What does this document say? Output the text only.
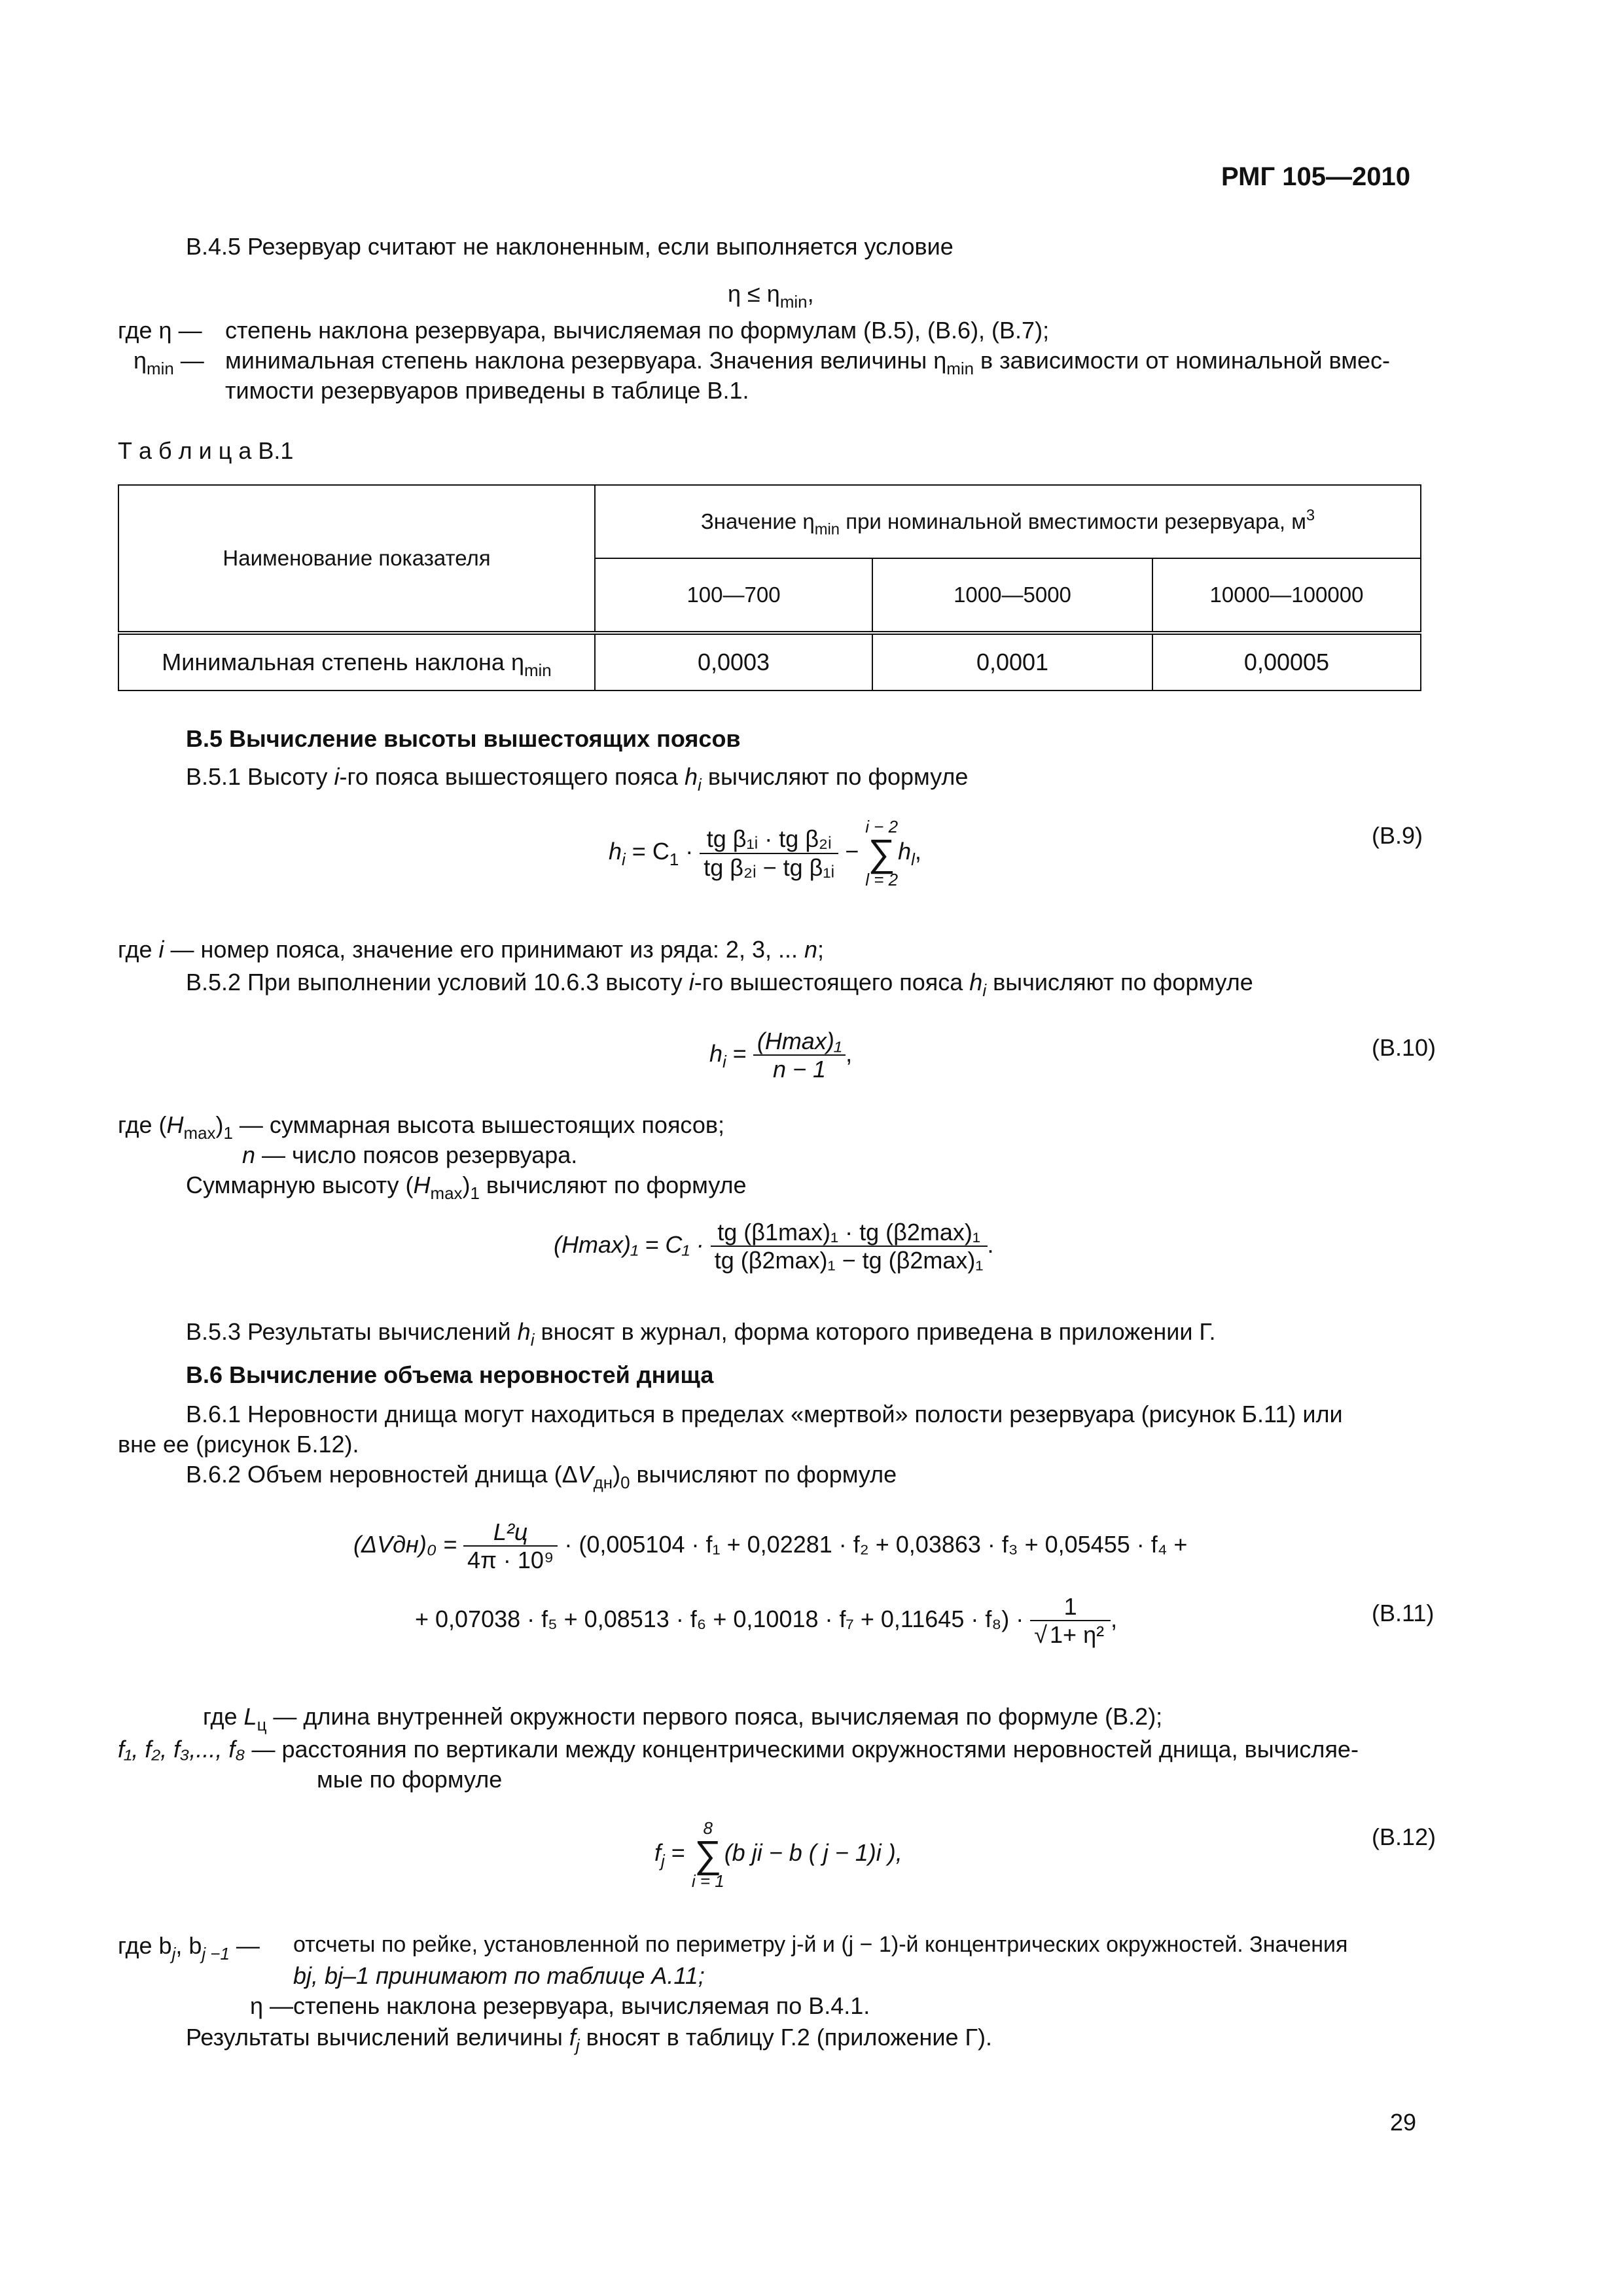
РМГ 105—2010
В.4.5 Резервуар считают не наклоненным, если выполняется условие
$\eta \le \eta_{min}$,
где η — степень наклона резервуара, вычисляемая по формулам (В.5), (В.6), (В.7);
$\eta_{min}$ — минимальная степень наклона резервуара. Значения величины $\eta_{min}$ в зависимости от номинальной вмес-
тимости резервуаров приведены в таблице В.1.
Т а б л и ц а В.1
Наименование показателя	Значение $\eta_{min}$ при номинальной вместимости резервуара, $м^3$
	100—700	1000—5000	10000—100000
Минимальная степень наклона $\eta_{min}$	0,0003	0,0001	0,00005
В.5 Вычисление высоты вышестоящих поясов
В.5.1 Высоту i-го пояса вышестоящего пояса $h_i$ вычисляют по формуле
$h_i = C_1 \cdot \frac{\text{tg β₁ᵢ · tg β₂ᵢ}}{\text{tg β₂ᵢ − tg β₁ᵢ}}$ −
i − 2
∑
l = 2
$h_l$,
(В.9)
где i — номер пояса, значение его принимают из ряда: 2, 3, ... n;
В.5.2 При выполнении условий 10.6.3 высоту i-го вышестоящего пояса $h_i$ вычисляют по формуле
$h_i = \frac{\text{(Hmax)₁}}{n - 1}$ ,	(В.10)
где $(H_{max})_1$ — суммарная высота вышестоящих поясов;
n — число поясов резервуара.
Суммарную высоту $(H_{max})_1$ вычисляют по формуле
$(Hmax)_1 = C_1 \cdot \frac{\text{tg (β1max)₁ · tg (β2max)₁}}{\text{tg (β2max)₁ − tg (β2max)₁}}$ .
В.5.3 Результаты вычислений $h_i$ вносят в журнал, форма которого приведена в приложении Г.
В.6 Вычисление объема неровностей днища
В.6.1 Неровности днища могут находиться в пределах «мертвой» полости резервуара (рисунок Б.11) или
вне ее (рисунок Б.12).
В.6.2 Объем неровностей днища $(\Delta V_{дн})_0$ вычисляют по формуле
$(\Delta Vдн)_0 = \frac{\text{L²ц}}{\text{4π · 10⁹}} \cdot (0,005104 \cdot f_1 + 0,02281 \cdot f_2 + 0,03863 \cdot f_3 + 0,05455 \cdot f_4$ +
+ $0,07038 \cdot f_5 + 0,08513 \cdot f_6 + 0,10018 \cdot f_7 + 0,11645 \cdot f_8) \cdot \frac{1}{\text{√ 1+ η²}}$ ,	(В.11)
где $L_ц$ — длина внутренней окружности первого пояса, вычисляемая по формуле (В.2);
f₁, f₂, f₃,..., f₈ — расстояния по вертикали между концентрическими окружностями неровностей днища, вычисляе-
мые по формуле
$f_j$ =
8
∑
i = 1
(b ji − b ( j − 1)i ),
(В.12)
где $b_j$, $b_{j -1}$ — отсчеты по рейке, установленной по периметру j-й и (j − 1)-й концентрических окружностей. Значения
bj, bj–1 принимают по таблице А.11;
η — степень наклона резервуара, вычисляемая по В.4.1.
Результаты вычислений величины $f_j$ вносят в таблицу Г.2 (приложение Г).
29
